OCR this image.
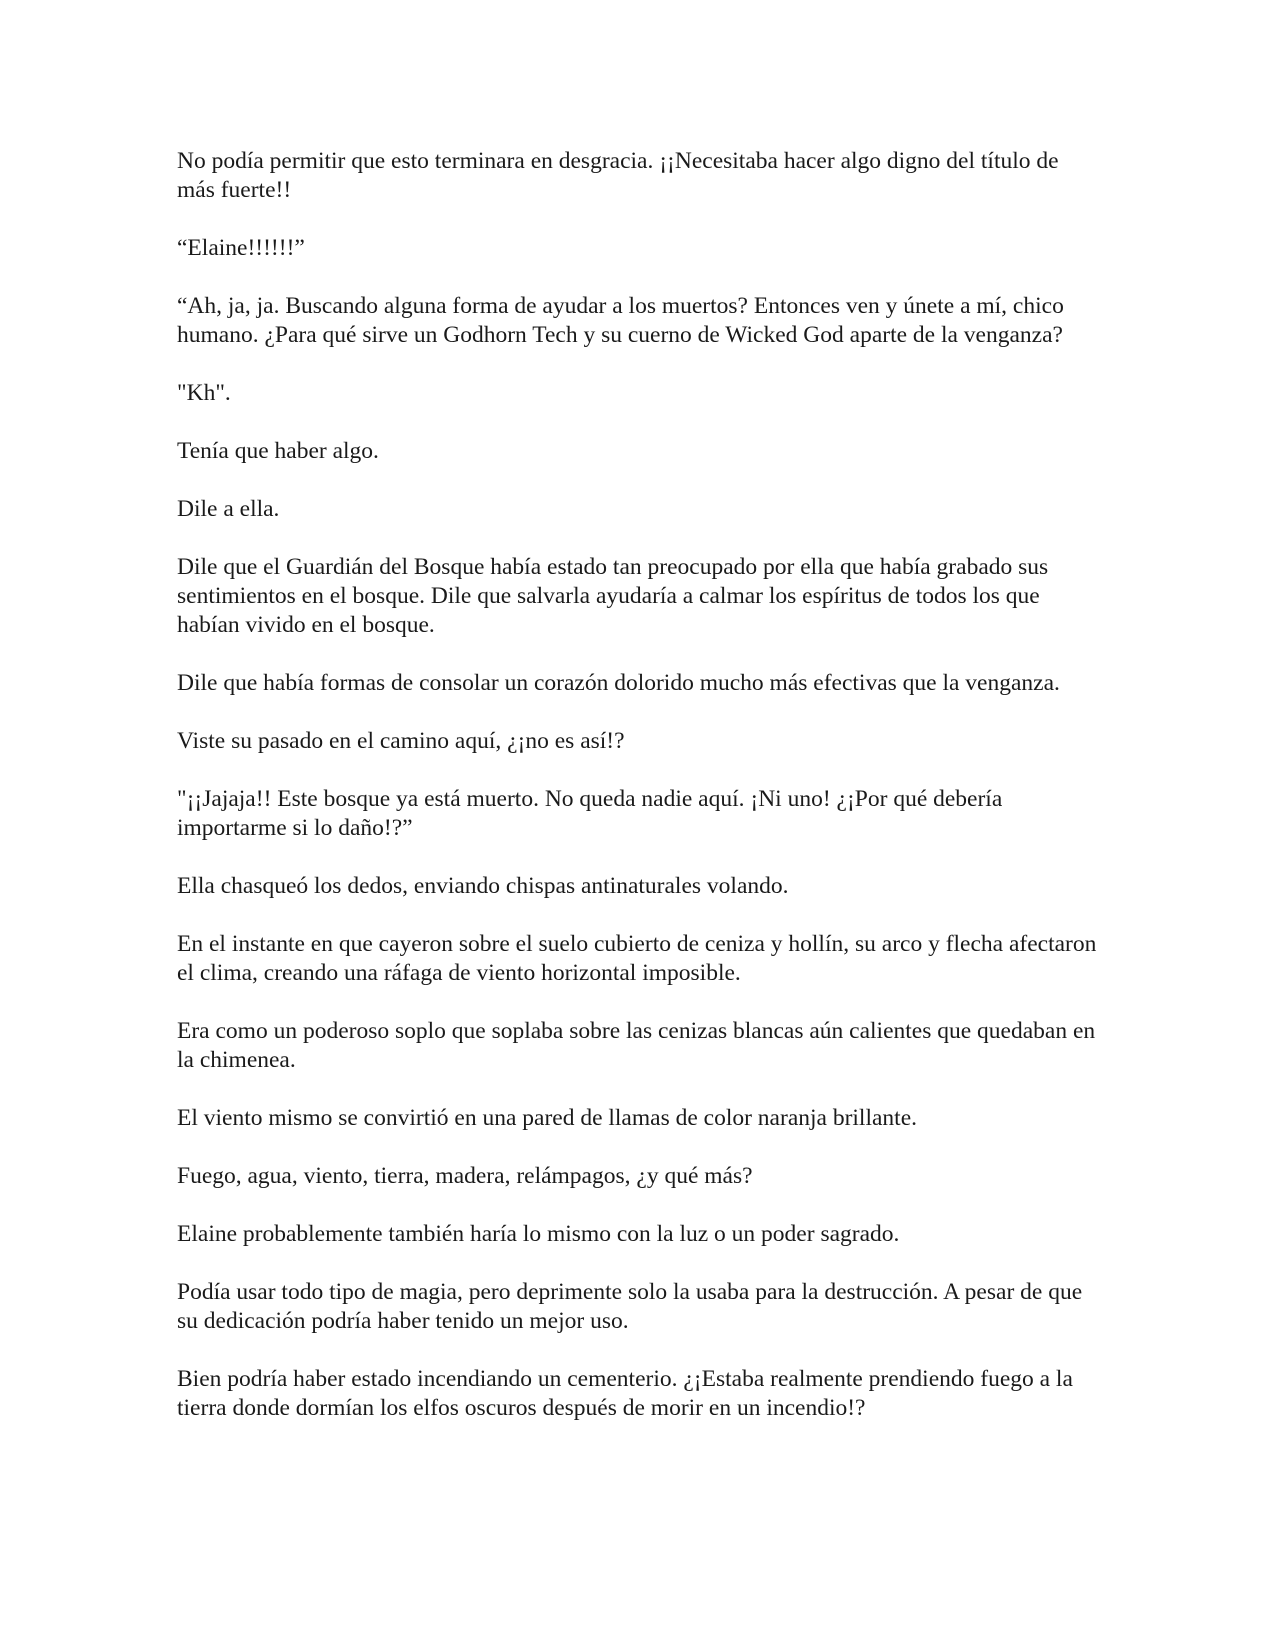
No podía permitir que esto terminara en desgracia. ¡¡Necesitaba hacer algo digno del título de más fuerte!!

“Elaine!!!!!!”

“Ah, ja, ja. Buscando alguna forma de ayudar a los muertos? Entonces ven y únete a mí, chico humano. ¿Para qué sirve un Godhorn Tech y su cuerno de Wicked God aparte de la venganza?

"Kh".

Tenía que haber algo.

Dile a ella.

Dile que el Guardián del Bosque había estado tan preocupado por ella que había grabado sus sentimientos en el bosque. Dile que salvarla ayudaría a calmar los espíritus de todos los que habían vivido en el bosque.

Dile que había formas de consolar un corazón dolorido mucho más efectivas que la venganza.

Viste su pasado en el camino aquí, ¿¡no es así!?

"¡¡Jajaja!! Este bosque ya está muerto. No queda nadie aquí. ¡Ni uno! ¿¡Por qué debería importarme si lo daño!?”

Ella chasqueó los dedos, enviando chispas antinaturales volando.

En el instante en que cayeron sobre el suelo cubierto de ceniza y hollín, su arco y flecha afectaron el clima, creando una ráfaga de viento horizontal imposible.

Era como un poderoso soplo que soplaba sobre las cenizas blancas aún calientes que quedaban en la chimenea.

El viento mismo se convirtió en una pared de llamas de color naranja brillante.

Fuego, agua, viento, tierra, madera, relámpagos, ¿y qué más?

Elaine probablemente también haría lo mismo con la luz o un poder sagrado.

Podía usar todo tipo de magia, pero deprimente solo la usaba para la destrucción. A pesar de que su dedicación podría haber tenido un mejor uso.

Bien podría haber estado incendiando un cementerio. ¿¡Estaba realmente prendiendo fuego a la tierra donde dormían los elfos oscuros después de morir en un incendio!?
